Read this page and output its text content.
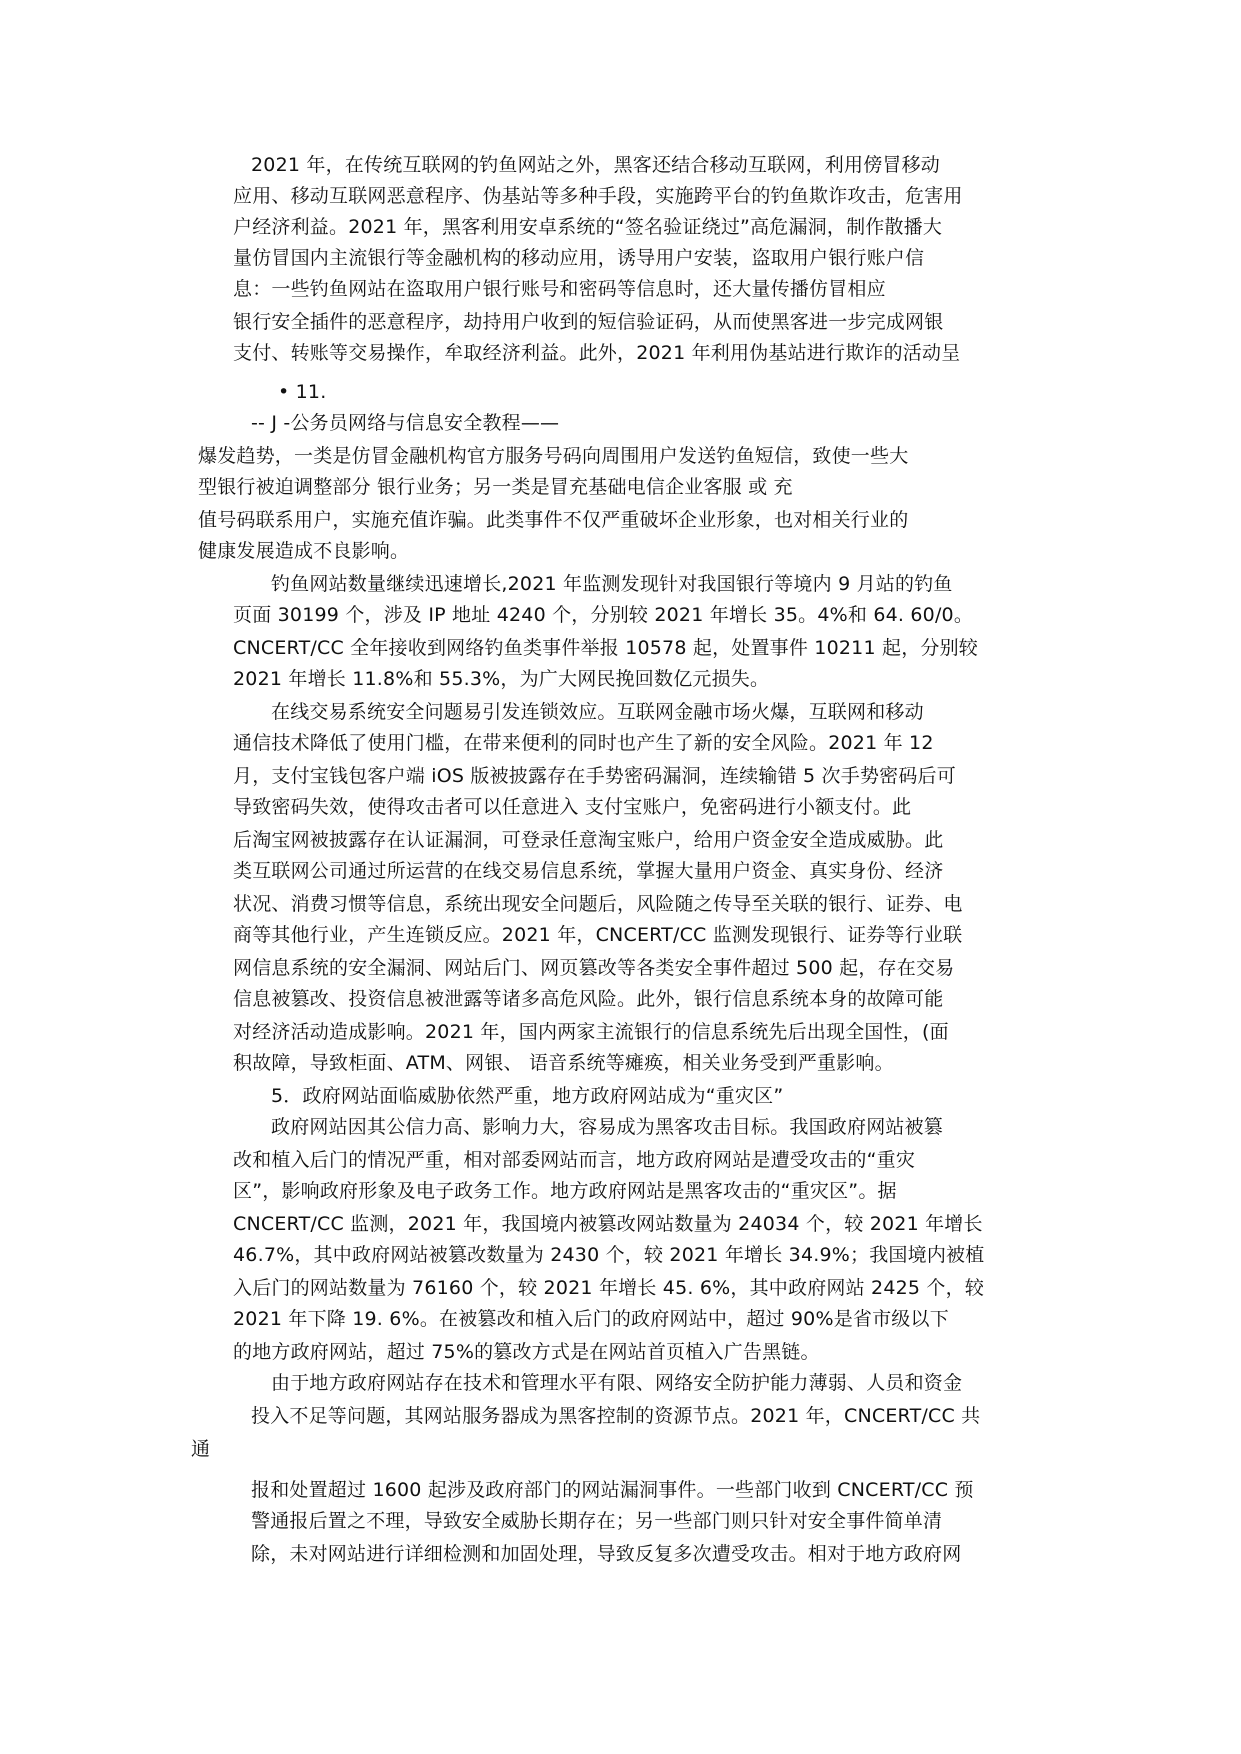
2021 年，在传统互联网的钓鱼网站之外，黑客还结合移动互联网，利用傍冒移动
应用、移动互联网恶意程序、伪基站等多种手段，实施跨平台的钓鱼欺诈攻击，危害用
户经济利益。2021 年，黑客利用安卓系统的“签名验证绕过”高危漏洞，制作散播大
量仿冒国内主流银行等金融机构的移动应用，诱导用户安装，盗取用户银行账户信
息：一些钓鱼网站在盗取用户银行账号和密码等信息时，还大量传播仿冒相应
银行安全插件的恶意程序，劫持用户收到的短信验证码，从而使黑客进一步完成网银
支付、转账等交易操作，牟取经济利益。此外，2021 年利用伪基站进行欺诈的活动呈
• 11.
-- J -公务员网络与信息安全教程——
爆发趋势，一类是仿冒金融机构官方服务号码向周围用户发送钓鱼短信，致使一些大
型银行被迫调整部分 银行业务；另一类是冒充基础电信企业客服 或 充
值号码联系用户，实施充值诈骗。此类事件不仅严重破坏企业形象，也对相关行业的
健康发展造成不良影响。
钓鱼网站数量继续迅速增长,2021 年监测发现针对我国银行等境内 9 月站的钓鱼
页面 30199 个，涉及 IP 地址 4240 个，分别较 2021 年增长 35。4%和 64. 60/0。
CNCERT/CC 全年接收到网络钓鱼类事件举报 10578 起，处置事件 10211 起，分别较
2021 年增长 11.8%和 55.3%，为广大网民挽回数亿元损失。
在线交易系统安全问题易引发连锁效应。互联网金融市场火爆，互联网和移动
通信技术降低了使用门槛，在带来便利的同时也产生了新的安全风险。2021 年 12
月，支付宝钱包客户端 iOS 版被披露存在手势密码漏洞，连续输错 5 次手势密码后可
导致密码失效，使得攻击者可以任意进入 支付宝账户，免密码进行小额支付。此
后淘宝网被披露存在认证漏洞，可登录任意淘宝账户，给用户资金安全造成威胁。此
类互联网公司通过所运营的在线交易信息系统，掌握大量用户资金、真实身份、经济
状况、消费习惯等信息，系统出现安全问题后，风险随之传导至关联的银行、证券、电
商等其他行业，产生连锁反应。2021 年，CNCERT/CC 监测发现银行、证券等行业联
网信息系统的安全漏洞、网站后门、网页篡改等各类安全事件超过 500 起，存在交易
信息被篡改、投资信息被泄露等诸多高危风险。此外，银行信息系统本身的故障可能
对经济活动造成影响。2021 年，国内两家主流银行的信息系统先后出现全国性，(面
积故障，导致柜面、ATM、网银、 语音系统等瘫痪，相关业务受到严重影响。
5．政府网站面临威胁依然严重，地方政府网站成为“重灾区”
政府网站因其公信力高、影响力大，容易成为黑客攻击目标。我国政府网站被篡
改和植入后门的情况严重，相对部委网站而言，地方政府网站是遭受攻击的“重灾
区”，影响政府形象及电子政务工作。地方政府网站是黑客攻击的“重灾区”。据
CNCERT/CC 监测，2021 年，我国境内被篡改网站数量为 24034 个，较 2021 年增长
46.7%，其中政府网站被篡改数量为 2430 个，较 2021 年增长 34.9%；我国境内被植
入后门的网站数量为 76160 个，较 2021 年增长 45. 6%，其中政府网站 2425 个，较
2021 年下降 19. 6%。在被篡改和植入后门的政府网站中，超过 90%是省市级以下
的地方政府网站，超过 75%的篡改方式是在网站首页植入广告黑链。
由于地方政府网站存在技术和管理水平有限、网络安全防护能力薄弱、人员和资金
投入不足等问题，其网站服务器成为黑客控制的资源节点。2021 年，CNCERT/CC 共
通
报和处置超过 1600 起涉及政府部门的网站漏洞事件。一些部门收到 CNCERT/CC 预
警通报后置之不理，导致安全威胁长期存在；另一些部门则只针对安全事件简单清
除，未对网站进行详细检测和加固处理，导致反复多次遭受攻击。相对于地方政府网
